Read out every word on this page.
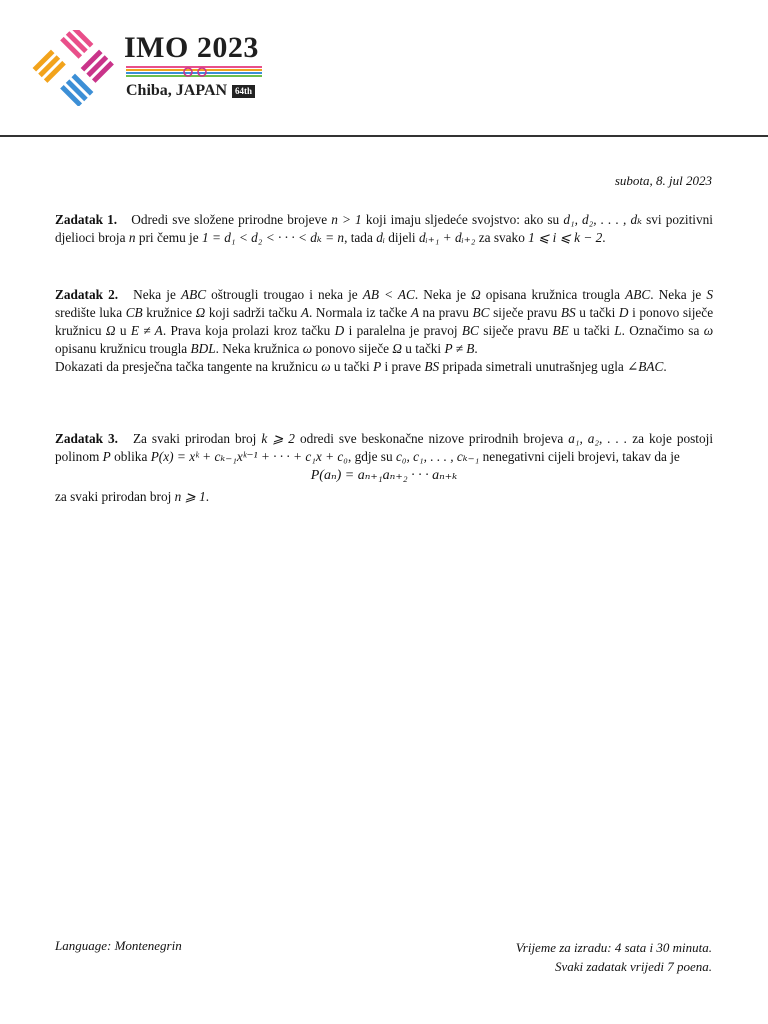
IMO 2023
Chiba, JAPAN 64th
subota, 8. jul 2023
Zadatak 1. Odredi sve složene prirodne brojeve n > 1 koji imaju sljedeće svojstvo: ako su d₁, d₂, . . . , dₖ svi pozitivni djelioci broja n pri čemu je 1 = d₁ < d₂ < · · · < dₖ = n, tada dᵢ dijeli dᵢ₊₁ + dᵢ₊₂ za svako 1 ⩽ i ⩽ k − 2.
Zadatak 2. Neka je ABC oštrougli trougao i neka je AB < AC. Neka je Ω opisana kružnica trougla ABC. Neka je S središte luka CB kružnice Ω koji sadrži tačku A. Normala iz tačke A na pravu BC siječe pravu BS u tački D i ponovo siječe kružnicu Ω u E ≠ A. Prava koja prolazi kroz tačku D i paralelna je pravoj BC siječe pravu BE u tački L. Označimo sa ω opisanu kružnicu trougla BDL. Neka kružnica ω ponovo siječe Ω u tački P ≠ B.
Dokazati da presječna tačka tangente na kružnicu ω u tački P i prave BS pripada simetrali unutrašnjeg ugla ∠BAC.
Zadatak 3. Za svaki prirodan broj k ⩾ 2 odredi sve beskonačne nizove prirodnih brojeva a₁, a₂, . . . za koje postoji polinom P oblika P(x) = xᵏ + cₖ₋₁xᵏ⁻¹ + · · · + c₁x + c₀, gdje su c₀, c₁, . . . , cₖ₋₁ nenegativni cijeli brojevi, takav da je
P(aₙ) = aₙ₊₁aₙ₊₂ · · · aₙ₊ₖ
za svaki prirodan broj n ⩾ 1.
Language: Montenegrin	Vrijeme za izradu: 4 sata i 30 minuta.
Svaki zadatak vrijedi 7 poena.
